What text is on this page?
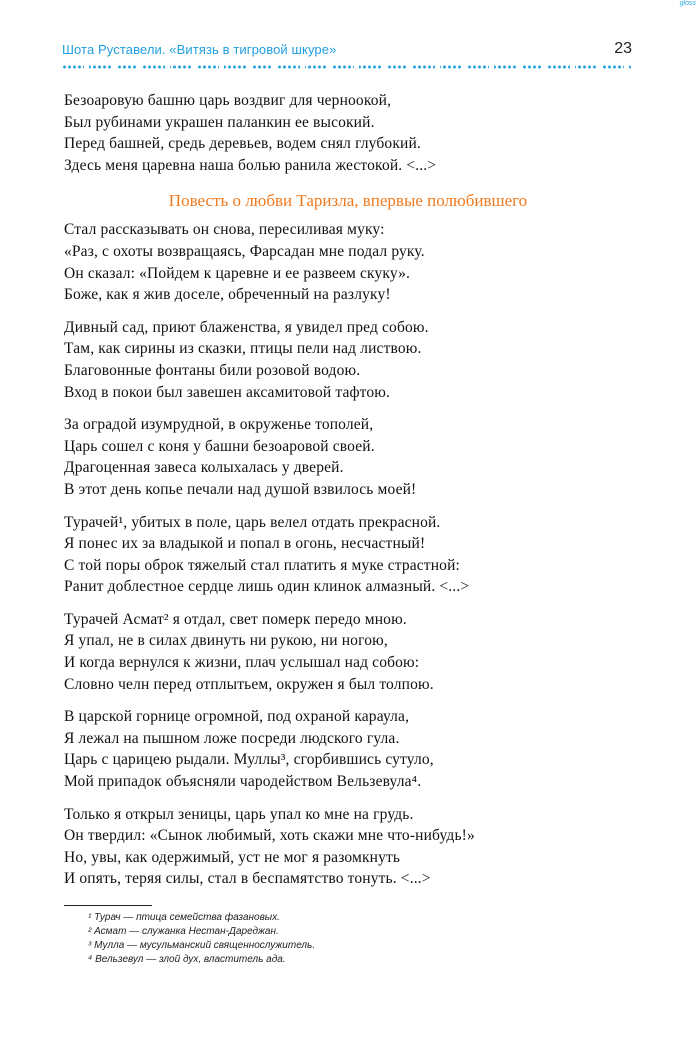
gloss
Шота Руставели. «Витязь в тигровой шкуре»	23
Безоаровую башню царь воздвиг для черноокой,
Был рубинами украшен паланкин ее высокий.
Перед башней, средь деревьев, водем снял глубокий.
Здесь меня царевна наша болью ранила жестокой. <...>
Повесть о любви Таризла, впервые полюбившего
Стал рассказывать он снова, пересиливая муку:
«Раз, с охоты возвращаясь, Фарсадан мне подал руку.
Он сказал: «Пойдем к царевне и ее развеем скуку».
Боже, как я жив доселе, обреченный на разлуку!
Дивный сад, приют блаженства, я увидел пред собою.
Там, как сирины из сказки, птицы пели над листвою.
Благовонные фонтаны били розовой водою.
Вход в покои был завешен аксамитовой тафтою.
За оградой изумрудной, в окруженье тополей,
Царь сошел с коня у башни безоаровой своей.
Драгоценная завеса колыхалась у дверей.
В этот день копье печали над душой взвилось моей!
Турачей¹, убитых в поле, царь велел отдать прекрасной.
Я понес их за владыкой и попал в огонь, несчастный!
С той поры оброк тяжелый стал платить я муке страстной:
Ранит доблестное сердце лишь один клинок алмазный. <...>
Турачей Асмат² я отдал, свет померк передо мною.
Я упал, не в силах двинуть ни рукою, ни ногою,
И когда вернулся к жизни, плач услышал над собою:
Словно челн перед отплытьем, окружен я был толпою.
В царской горнице огромной, под охраной караула,
Я лежал на пышном ложе посреди людского гула.
Царь с царицею рыдали. Муллы³, сгорбившись сутуло,
Мой припадок объясняли чародейством Вельзевула⁴.
Только я открыл зеницы, царь упал ко мне на грудь.
Он твердил: «Сынок любимый, хоть скажи мне что-нибудь!»
Но, увы, как одержимый, уст не мог я разомкнуть
И опять, теряя силы, стал в беспамятство тонуть. <...>
¹ Турач — птица семейства фазановых.
² Асмат — служанка Нестан-Дареджан.
³ Мулла — мусульманский священнослужитель.
⁴ Вельзевул — злой дух, властитель ада.
